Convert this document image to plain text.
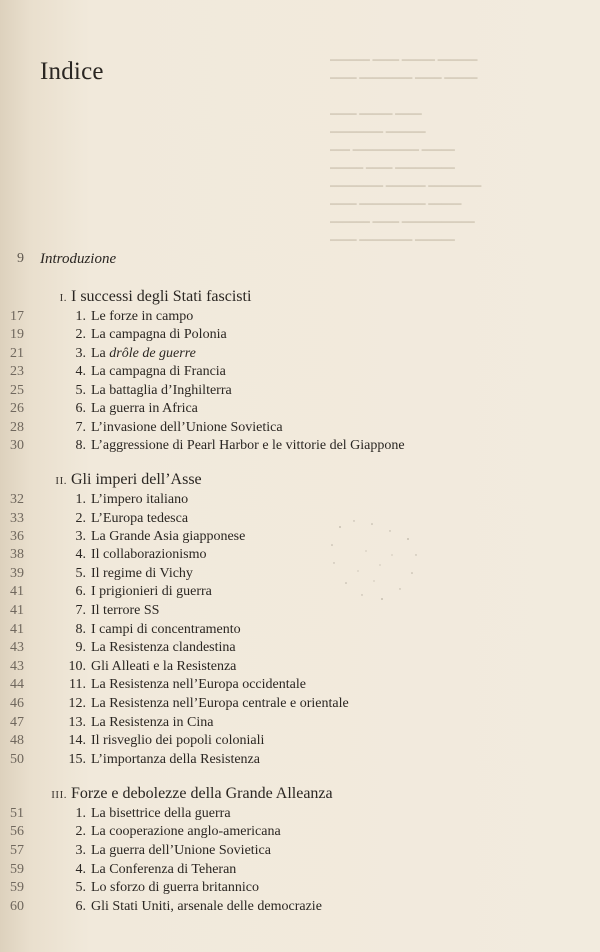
━━━━━━ ━━━━ ━━━━━ ━━━━━━
━━━━ ━━━━━━━━ ━━━━ ━━━━━

━━━━ ━━━━━ ━━━━
━━━━━━━━ ━━━━━━
━━━ ━━━━━━━━━━ ━━━━━
━━━━━ ━━━━ ━━━━━━━━━
━━━━━━━━ ━━━━━━ ━━━━━━━━
━━━━ ━━━━━━━━━━ ━━━━━
━━━━━━ ━━━━ ━━━━━━━━━━━
━━━━ ━━━━━━━━ ━━━━━━
Indice
9 Introduzione
I. I successi degli Stati fascisti
17	1. Le forze in campo
19	2. La campagna di Polonia
21	3. La drôle de guerre
23	4. La campagna di Francia
25	5. La battaglia d’Inghilterra
26	6. La guerra in Africa
28	7. L’invasione dell’Unione Sovietica
30	8. L’aggressione di Pearl Harbor e le vittorie del Giappone
II. Gli imperi dell’Asse
32	1. L’impero italiano
33	2. L’Europa tedesca
36	3. La Grande Asia giapponese
38	4. Il collaborazionismo
39	5. Il regime di Vichy
41	6. I prigionieri di guerra
41	7. Il terrore SS
41	8. I campi di concentramento
43	9. La Resistenza clandestina
43	10. Gli Alleati e la Resistenza
44	11. La Resistenza nell’Europa occidentale
46	12. La Resistenza nell’Europa centrale e orientale
47	13. La Resistenza in Cina
48	14. Il risveglio dei popoli coloniali
50	15. L’importanza della Resistenza
III. Forze e debolezze della Grande Alleanza
51	1. La bisettrice della guerra
56	2. La cooperazione anglo-americana
57	3. La guerra dell’Unione Sovietica
59	4. La Conferenza di Teheran
59	5. Lo sforzo di guerra britannico
60	6. Gli Stati Uniti, arsenale delle democrazie
